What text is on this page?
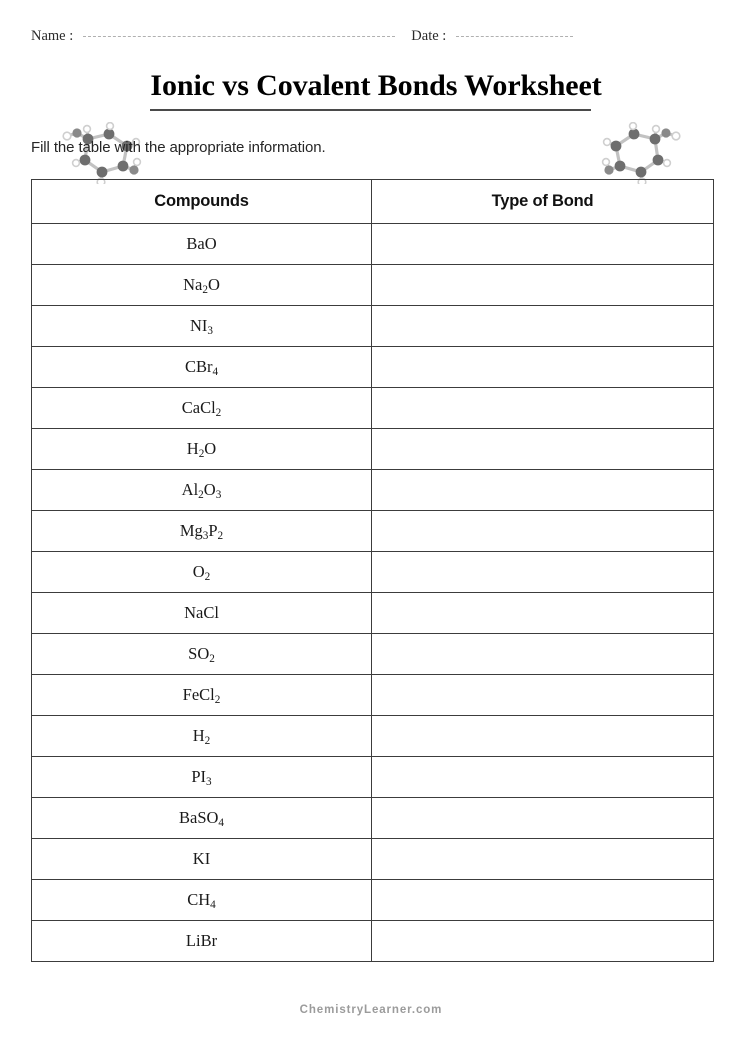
Name :	Date :
Ionic vs Covalent Bonds Worksheet
Fill the table with the appropriate information.
Compounds	Type of Bond
BaO	
$Na_2O$	
$NI_3$	
CBr$_4$	
CaCl$_2$	
$H_2O$	
$Al_2O_3$	
$Mg_3P_2$	
$O_2$	
NaCl	
$SO_2$	
FeCl$_2$	
$H_2$	
$PI_3$	
BaSO$_4$	
KI	
$CH_4$	
LiBr	
ChemistryLearner.com
